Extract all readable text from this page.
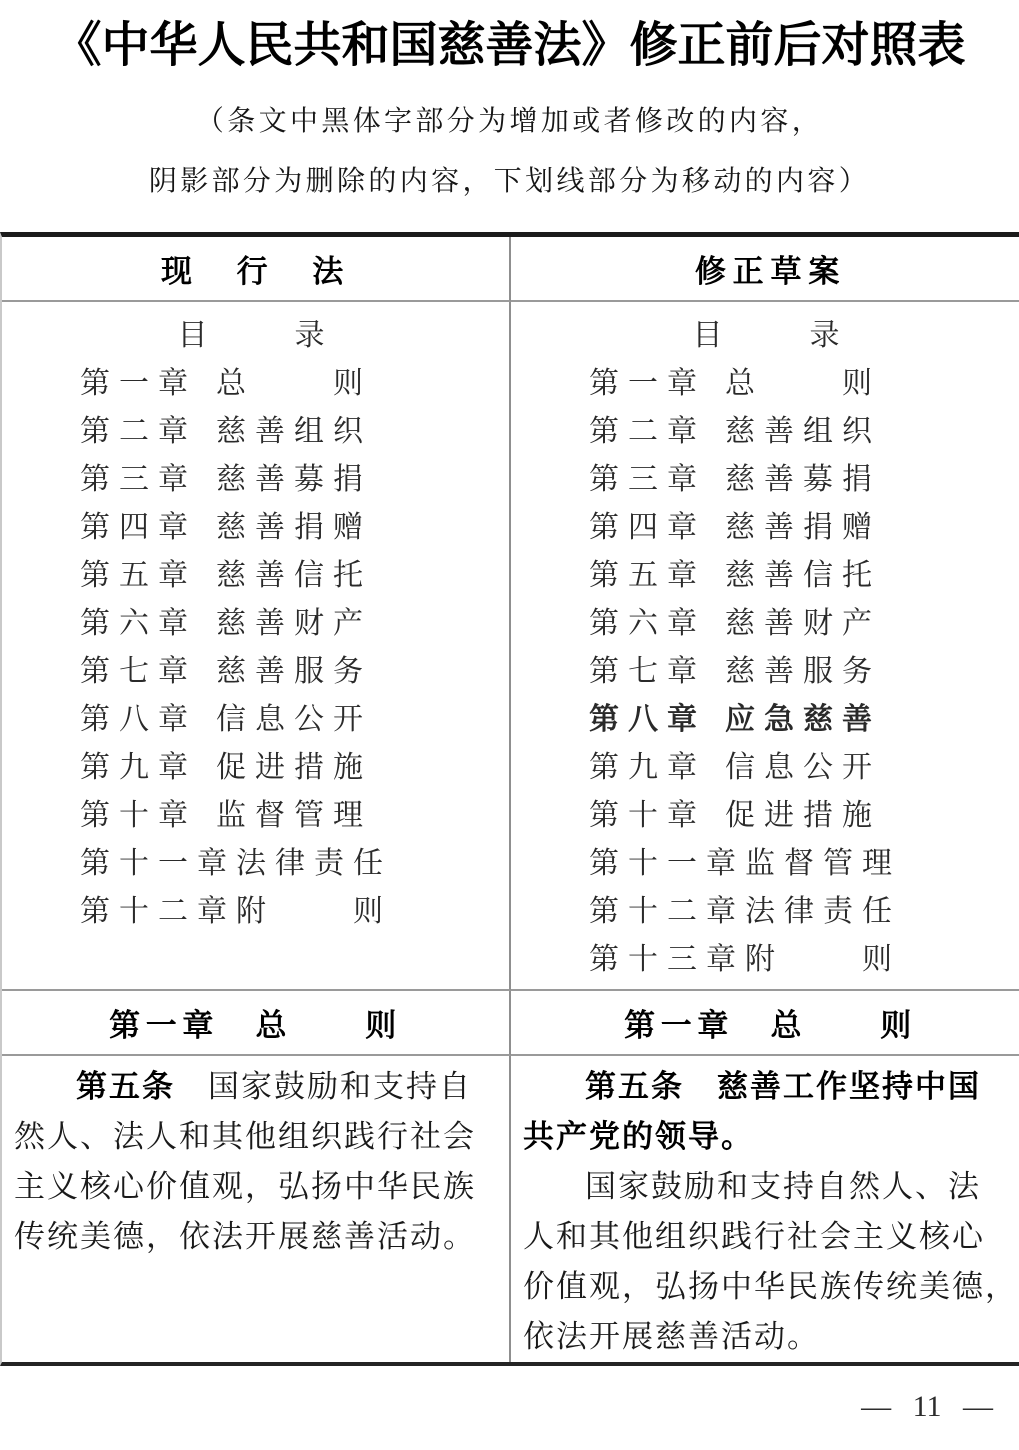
《中华人民共和国慈善法》修正前后对照表
（条文中黑体字部分为增加或者修改的内容，
阴影部分为删除的内容，下划线部分为移动的内容）
现　行　法	修正草案
目　　录
第一章 总　　则
第二章 慈善组织
第三章 慈善募捐
第四章 慈善捐赠
第五章 慈善信托
第六章 慈善财产
第七章 慈善服务
第八章 信息公开
第九章 促进措施
第十章 监督管理
第十一章 法律责任
第十二章 附　　则
目　　录
第一章 总　　则
第二章 慈善组织
第三章 慈善募捐
第四章 慈善捐赠
第五章 慈善信托
第六章 慈善财产
第七章 慈善服务
第八章 应急慈善
第九章 信息公开
第十章 促进措施
第十一章 监督管理
第十二章 法律责任
第十三章 附　　则
第一章　总　　则	第一章　总　　则
第五条　国家鼓励和支持自
然人、法人和其他组织践行社会
主义核心价值观，弘扬中华民族
传统美德，依法开展慈善活动。
第五条　慈善工作坚持中国
共产党的领导。
国家鼓励和支持自然人、法
人和其他组织践行社会主义核心
价值观，弘扬中华民族传统美德，
依法开展慈善活动。
— 11 —
